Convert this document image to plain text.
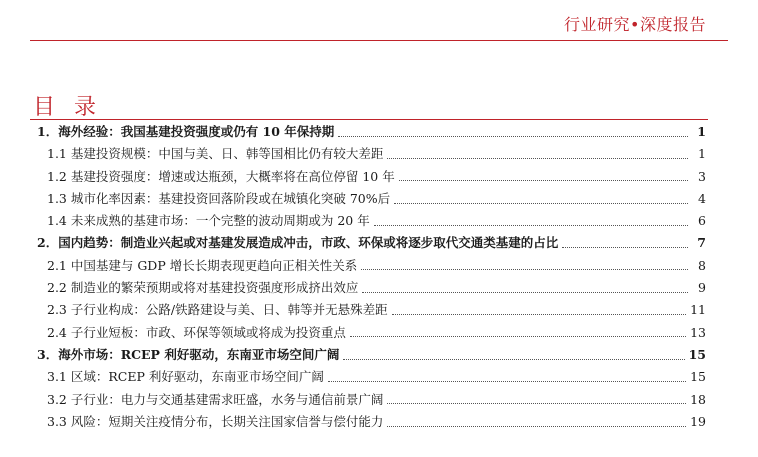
行业研究•深度报告
目 录
1．海外经验：我国基建投资强度或仍有 10 年保持期	1
1.1 基建投资规模：中国与美、日、韩等国相比仍有较大差距	1
1.2 基建投资强度：增速或达瓶颈，大概率将在高位停留 10 年	3
1.3 城市化率因素：基建投资回落阶段或在城镇化突破 70%后	4
1.4 未来成熟的基建市场：一个完整的波动周期或为 20 年	6
2．国内趋势：制造业兴起或对基建发展造成冲击，市政、环保或将逐步取代交通类基建的占比	7
2.1 中国基建与 GDP 增长长期表现更趋向正相关性关系	8
2.2 制造业的繁荣预期或将对基建投资强度形成挤出效应	9
2.3 子行业构成：公路/铁路建设与美、日、韩等并无悬殊差距	11
2.4 子行业短板：市政、环保等领域或将成为投资重点	13
3．海外市场：RCEP 利好驱动，东南亚市场空间广阔	15
3.1 区域：RCEP 利好驱动，东南亚市场空间广阔	15
3.2 子行业：电力与交通基建需求旺盛，水务与通信前景广阔	18
3.3 风险：短期关注疫情分布，长期关注国家信誉与偿付能力	19
